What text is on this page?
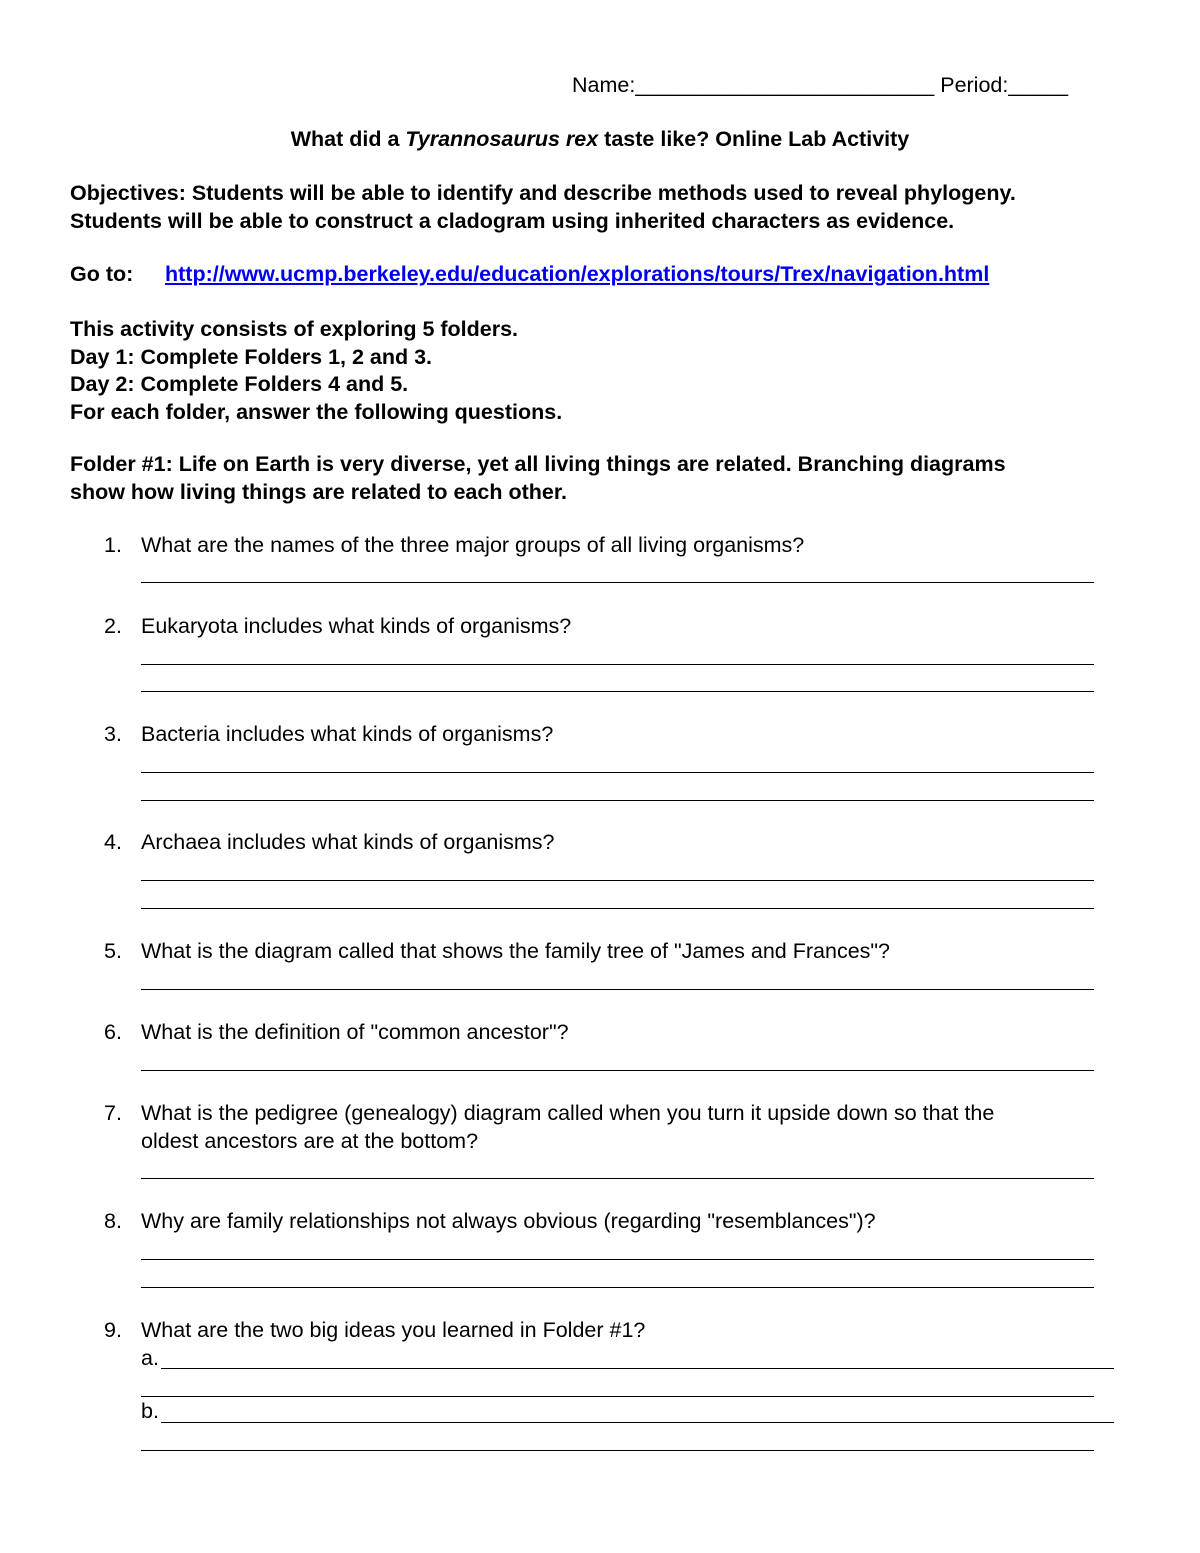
Name:_________________________ Period:_____
What did a Tyrannosaurus rex taste like? Online Lab Activity
Objectives: Students will be able to identify and describe methods used to reveal phylogeny.
Students will be able to construct a cladogram using inherited characters as evidence.
Go to: http://www.ucmp.berkeley.edu/education/explorations/tours/Trex/navigation.html
This activity consists of exploring 5 folders.
Day 1: Complete Folders 1, 2 and 3.
Day 2: Complete Folders 4 and 5.
For each folder, answer the following questions.
Folder #1: Life on Earth is very diverse, yet all living things are related. Branching diagrams
show how living things are related to each other.
1. What are the names of the three major groups of all living organisms?
2. Eukaryota includes what kinds of organisms?
3. Bacteria includes what kinds of organisms?
4. Archaea includes what kinds of organisms?
5. What is the diagram called that shows the family tree of "James and Frances"?
6. What is the definition of "common ancestor"?
7. What is the pedigree (genealogy) diagram called when you turn it upside down so that the
oldest ancestors are at the bottom?
8. Why are family relationships not always obvious (regarding "resemblances")?
9. What are the two big ideas you learned in Folder #1?
a.
b.
